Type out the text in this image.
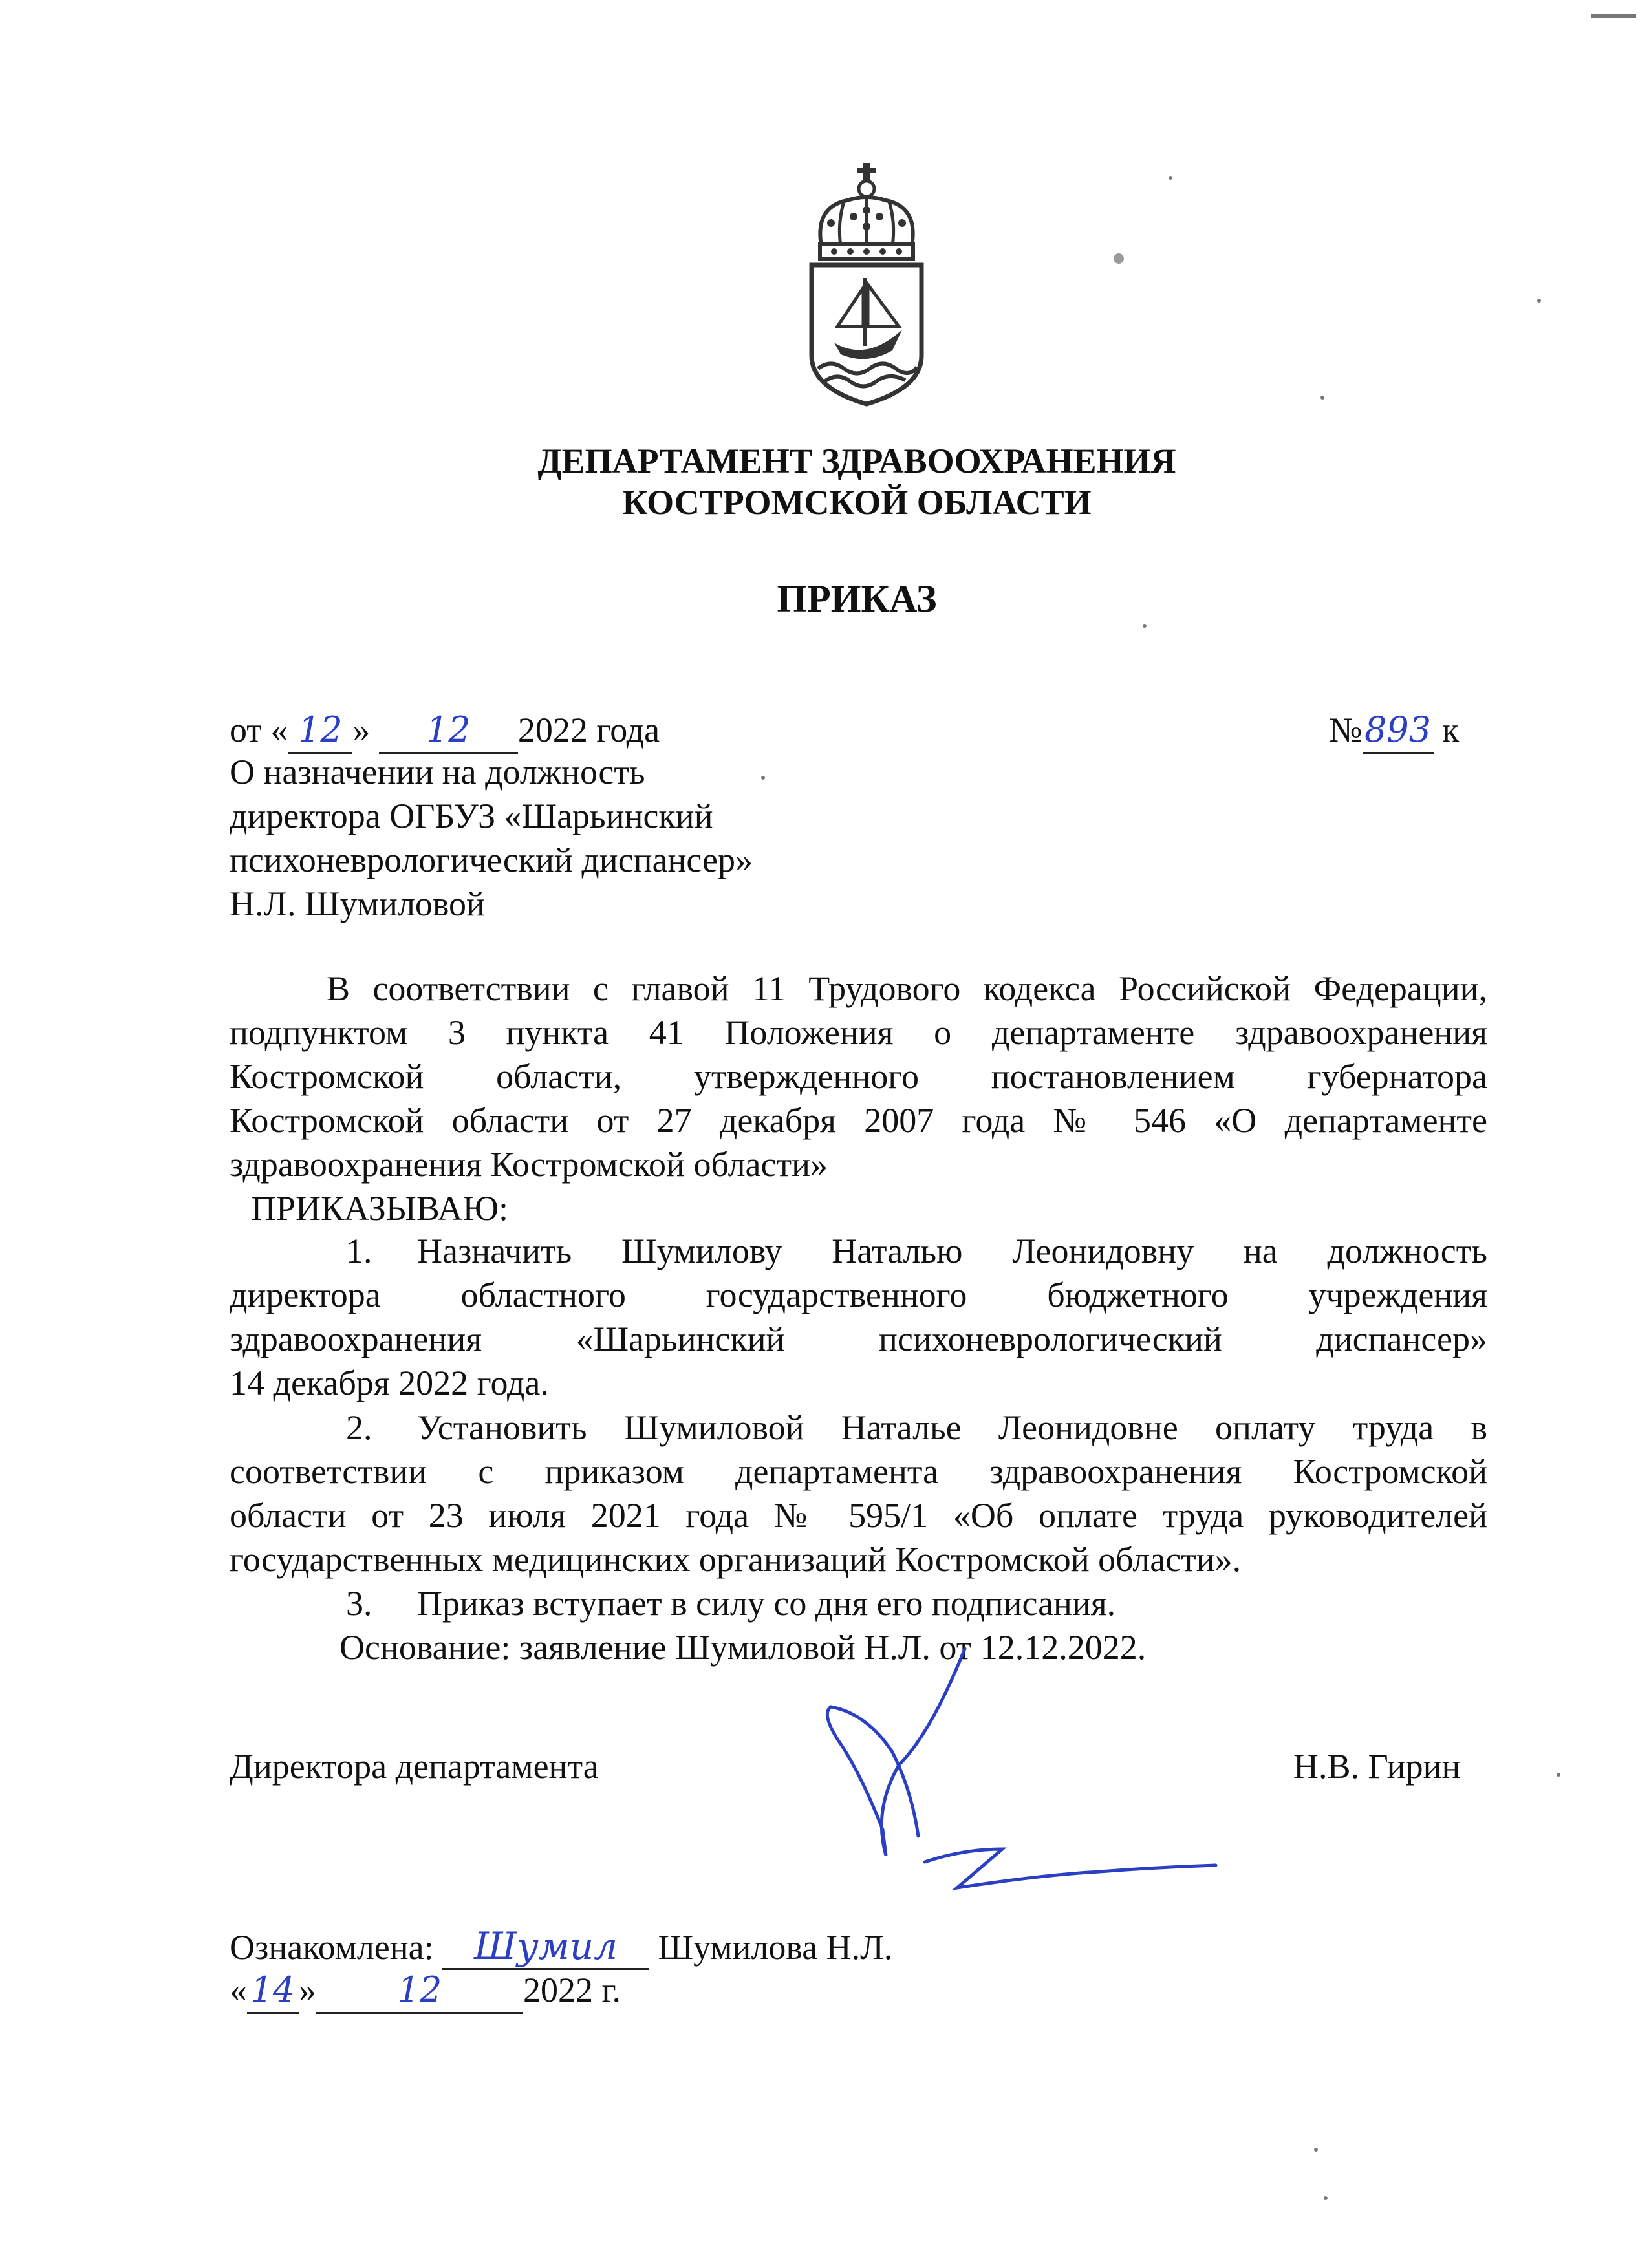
ДЕПАРТАМЕНТ ЗДРАВООХРАНЕНИЯ
КОСТРОМСКОЙ ОБЛАСТИ
ПРИКАЗ
от « 12 » 12 2022 года	№893 к
О назначении на должность
директора ОГБУЗ «Шарьинский
психоневрологический диспансер»
Н.Л. Шумиловой
В соответствии с главой 11 Трудового кодекса Российской Федерации,
подпунктом 3 пункта 41 Положения о департаменте здравоохранения
Костромской области, утвержденного постановлением губернатора
Костромской области от 27 декабря 2007 года № 546 «О департаменте
здравоохранения Костромской области»
ПРИКАЗЫВАЮ:
1. Назначить Шумилову Наталью Леонидовну на должность
директора областного государственного бюджетного учреждения
здравоохранения «Шарьинский психоневрологический диспансер»
14 декабря 2022 года.
2. Установить Шумиловой Наталье Леонидовне оплату труда в
соответствии с приказом департамента здравоохранения Костромской
области от 23 июля 2021 года № 595/1 «Об оплате труда руководителей
государственных медицинских организаций Костромской области».
3. Приказ вступает в силу со дня его подписания.
Основание: заявление Шумиловой Н.Л. от 12.12.2022.
Директора департамента	Н.В. Гирин
Ознакомлена: Шумил Шумилова Н.Л.
« 14 » 12 2022 г.
